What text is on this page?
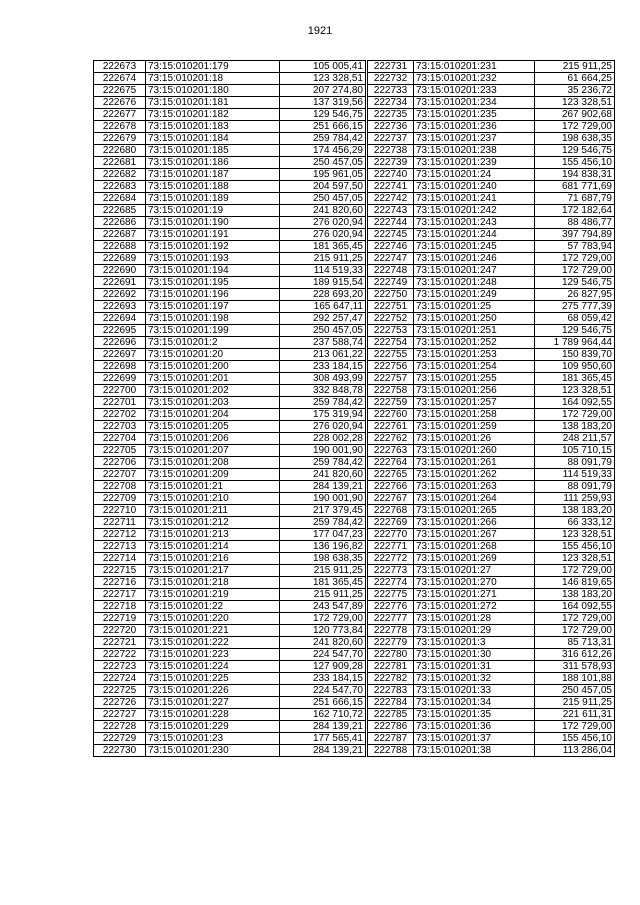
1921
222673	73:15:010201:179	105 005,41
222674	73:15:010201:18	123 328,51
222675	73:15:010201:180	207 274,80
222676	73:15:010201:181	137 319,56
222677	73:15:010201:182	129 546,75
222678	73:15:010201:183	251 666,15
222679	73:15:010201:184	259 784,42
222680	73:15:010201:185	174 456,29
222681	73:15:010201:186	250 457,05
222682	73:15:010201:187	195 961,05
222683	73:15:010201:188	204 597,50
222684	73:15:010201:189	250 457,05
222685	73:15:010201:19	241 820,60
222686	73:15:010201:190	276 020,94
222687	73:15:010201:191	276 020,94
222688	73:15:010201:192	181 365,45
222689	73:15:010201:193	215 911,25
222690	73:15:010201:194	114 519,33
222691	73:15:010201:195	189 915,54
222692	73:15:010201:196	228 693,20
222693	73:15:010201:197	165 647,11
222694	73:15:010201:198	292 257,47
222695	73:15:010201:199	250 457,05
222696	73:15:010201:2	237 588,74
222697	73:15:010201:20	213 061,22
222698	73:15:010201:200	233 184,15
222699	73:15:010201:201	308 493,99
222700	73:15:010201:202	332 848,78
222701	73:15:010201:203	259 784,42
222702	73:15:010201:204	175 319,94
222703	73:15:010201:205	276 020,94
222704	73:15:010201:206	228 002,28
222705	73:15:010201:207	190 001,90
222706	73:15:010201:208	259 784,42
222707	73:15:010201:209	241 820,60
222708	73:15:010201:21	284 139,21
222709	73:15:010201:210	190 001,90
222710	73:15:010201:211	217 379,45
222711	73:15:010201:212	259 784,42
222712	73:15:010201:213	177 047,23
222713	73:15:010201:214	136 196,82
222714	73:15:010201:216	198 638,35
222715	73:15:010201:217	215 911,25
222716	73:15:010201:218	181 365,45
222717	73:15:010201:219	215 911,25
222718	73:15:010201:22	243 547,89
222719	73:15:010201:220	172 729,00
222720	73:15:010201:221	120 773,84
222721	73:15:010201:222	241 820,60
222722	73:15:010201:223	224 547,70
222723	73:15:010201:224	127 909,28
222724	73:15:010201:225	233 184,15
222725	73:15:010201:226	224 547,70
222726	73:15:010201:227	251 666,15
222727	73:15:010201:228	162 710,72
222728	73:15:010201:229	284 139,21
222729	73:15:010201:23	177 565,41
222730	73:15:010201:230	284 139,21
222731	73:15:010201:231	215 911,25
222732	73:15:010201:232	61 664,25
222733	73:15:010201:233	35 236,72
222734	73:15:010201:234	123 328,51
222735	73:15:010201:235	267 902,68
222736	73:15:010201:236	172 729,00
222737	73:15:010201:237	198 638,35
222738	73:15:010201:238	129 546,75
222739	73:15:010201:239	155 456,10
222740	73:15:010201:24	194 838,31
222741	73:15:010201:240	681 771,69
222742	73:15:010201:241	71 687,79
222743	73:15:010201:242	172 182,64
222744	73:15:010201:243	88 486,77
222745	73:15:010201:244	397 794,89
222746	73:15:010201:245	57 783,94
222747	73:15:010201:246	172 729,00
222748	73:15:010201:247	172 729,00
222749	73:15:010201:248	129 546,75
222750	73:15:010201:249	26 827,95
222751	73:15:010201:25	275 777,39
222752	73:15:010201:250	68 059,42
222753	73:15:010201:251	129 546,75
222754	73:15:010201:252	1 789 964,44
222755	73:15:010201:253	150 839,70
222756	73:15:010201:254	109 950,60
222757	73:15:010201:255	181 365,45
222758	73:15:010201:256	123 328,51
222759	73:15:010201:257	164 092,55
222760	73:15:010201:258	172 729,00
222761	73:15:010201:259	138 183,20
222762	73:15:010201:26	248 211,57
222763	73:15:010201:260	105 710,15
222764	73:15:010201:261	88 091,79
222765	73:15:010201:262	114 519,33
222766	73:15:010201:263	88 091,79
222767	73:15:010201:264	111 259,93
222768	73:15:010201:265	138 183,20
222769	73:15:010201:266	66 333,12
222770	73:15:010201:267	123 328,51
222771	73:15:010201:268	155 456,10
222772	73:15:010201:269	123 328,51
222773	73:15:010201:27	172 729,00
222774	73:15:010201:270	146 819,65
222775	73:15:010201:271	138 183,20
222776	73:15:010201:272	164 092,55
222777	73:15:010201:28	172 729,00
222778	73:15:010201:29	172 729,00
222779	73:15:010201:3	85 713,31
222780	73:15:010201:30	316 612,26
222781	73:15:010201:31	311 578,93
222782	73:15:010201:32	188 101,88
222783	73:15:010201:33	250 457,05
222784	73:15:010201:34	215 911,25
222785	73:15:010201:35	221 611,31
222786	73:15:010201:36	172 729,00
222787	73:15:010201:37	155 456,10
222788	73:15:010201:38	113 286,04
